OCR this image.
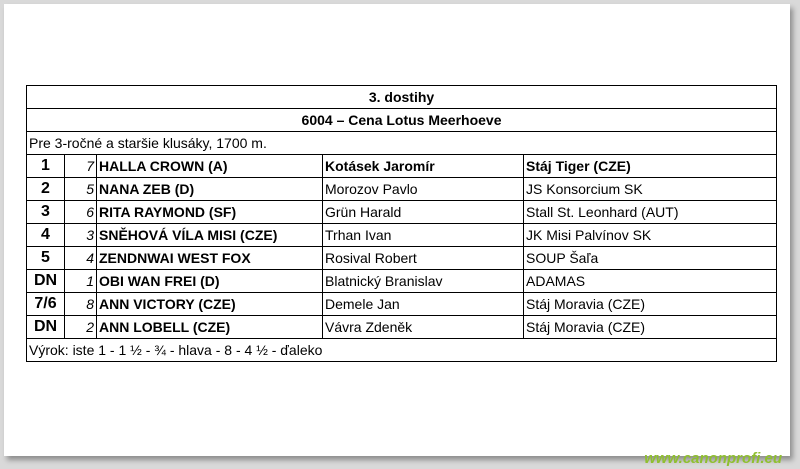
3. dostihy				
6004 – Cena Lotus Meerhoeve				
Pre 3-ročné a staršie klusáky, 1700 m.				
1	7	HALLA CROWN (A)	Kotásek Jaromír	Stáj Tiger (CZE)
2	5	NANA ZEB (D)	Morozov Pavlo	JS Konsorcium SK
3	6	RITA RAYMOND (SF)	Grün Harald	Stall St. Leonhard (AUT)
4	3	SNĚHOVÁ VÍLA MISI (CZE)	Trhan Ivan	JK Misi Palvínov SK
5	4	ZENDNWAI WEST FOX	Rosival Robert	SOUP Šaľa
DN	1	OBI WAN FREI (D)	Blatnický Branislav	ADAMAS
7/6	8	ANN VICTORY (CZE)	Demele Jan	Stáj Moravia (CZE)
DN	2	ANN LOBELL (CZE)	Vávra Zdeněk	Stáj Moravia (CZE)
Výrok: iste 1 - 1 ½ - ¾ - hlava - 8 - 4 ½ - ďaleko				
www.canonprofi.eu
